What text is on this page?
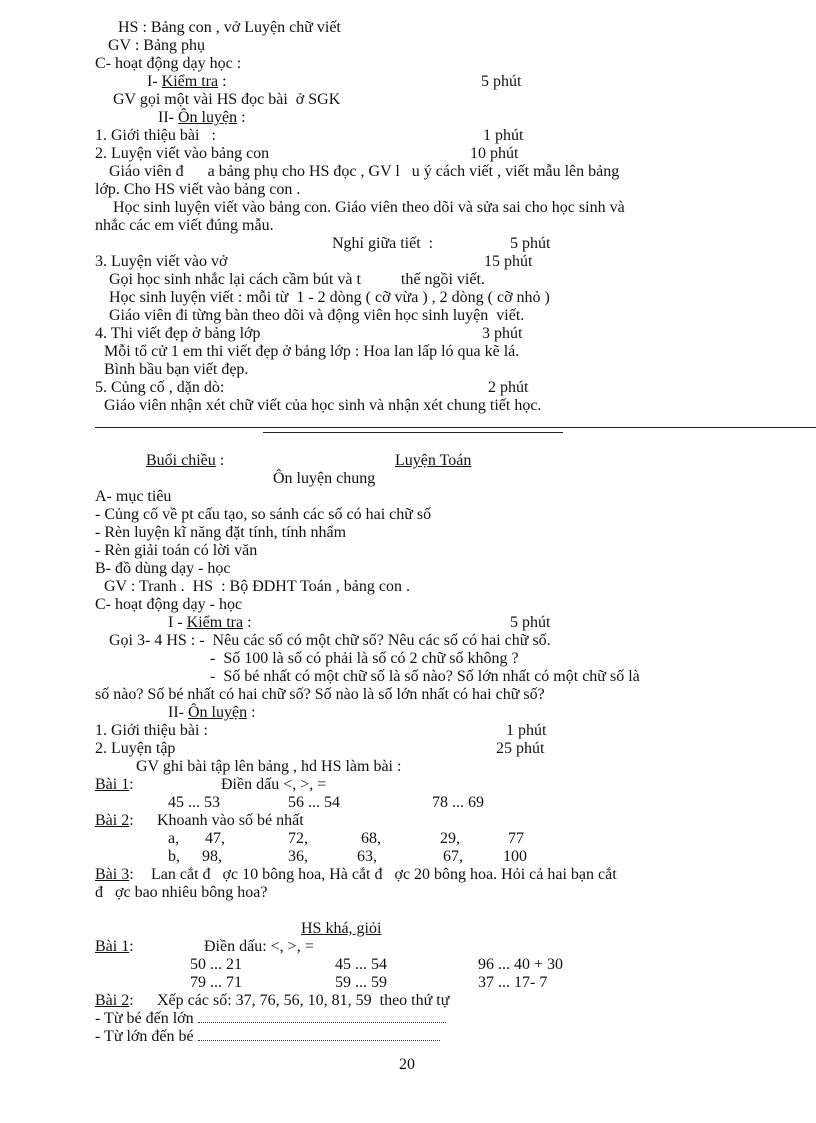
HS : Bảng con , vở Luyện chữ viết
GV : Bảng phụ
C- hoạt động dạy học :
I- Kiểm tra :	5 phút
GV gọi một vài HS đọc bài  ở SGK
II- Ôn luyện :
1. Giới thiệu bài   :	1 phút
2. Luyện viết vào bảng con	10 phút
Giáo viên đ      a bảng phụ cho HS đọc , GV l   u ý cách viết , viết mẫu lên bảng
lớp. Cho HS viết vào bảng con .
Học sinh luyện viết vào bảng con. Giáo viên theo dõi và sửa sai cho học sinh và
nhắc các em viết đúng mẫu.
Nghỉ giữa tiết  :	5 phút
3. Luyện viết vào vở	15 phút
Gọi học sinh nhắc lại cách cầm bút và t          thế ngồi viết.
Học sinh luyện viết : mỗi từ  1 - 2 dòng ( cỡ vừa ) , 2 dòng ( cỡ nhỏ )
Giáo viên đi từng bàn theo dõi và động viên học sinh luyện  viết.
4. Thi viết đẹp ở bảng lớp	3 phút
Mỗi tổ cử 1 em thi viết đẹp ở bảng lớp : Hoa lan lấp ló qua kẽ lá.
Bình bầu bạn viết đẹp.
5. Củng cố , dặn dò:	2 phút
Giáo viên nhận xét chữ viết của học sinh và nhận xét chung tiết học.
Buổi chiều :	Luyện Toán
Ôn luyện chung
A- mục tiêu
- Củng cố về pt cấu tạo, so sánh các số có hai chữ số
- Rèn luyện kĩ năng đặt tính, tính nhẩm
- Rèn giải toán có lời văn
B- đồ dùng dạy - học
GV : Tranh .  HS  : Bộ ĐDHT Toán , bảng con .
C- hoạt động dạy - học
I - Kiểm tra :	5 phút
Gọi 3- 4 HS : -  Nêu các số có một chữ số? Nêu các số có hai chữ số.
-  Số 100 là số có phải là số có 2 chữ số không ?
-  Số bé nhất có một chữ số là số nào? Số lớn nhất có một chữ số là
số nào? Số bé nhất có hai chữ số? Số nào là số lớn nhất có hai chữ số?
II- Ôn luyện :
1. Giới thiệu bài :	1 phút
2. Luyện tập	25 phút
GV ghi bài tập lên bảng , hd HS làm bài :
Bài 1:	Điền dấu <, >, =
45 ... 53	56 ... 54	78 ... 69
Bài 2: Khoanh vào số bé nhất
a, 47,	72,	68,	29,	77
b, 98,	36,	63,	67,	100
Bài 3: Lan cắt đ   ợc 10 bông hoa, Hà cắt đ   ợc 20 bông hoa. Hỏi cả hai bạn cắt
đ   ợc bao nhiêu bông hoa?
HS khá, giỏi
Bài 1:	Điền dấu: <, >, =
50 ... 21	45 ... 54	96 ... 40 + 30
79 ... 71	59 ... 59	37 ... 17- 7
Bài 2: Xếp các số: 37, 76, 56, 10, 81, 59  theo thứ tự
- Từ bé đến lớn
- Từ lớn đến bé
20
